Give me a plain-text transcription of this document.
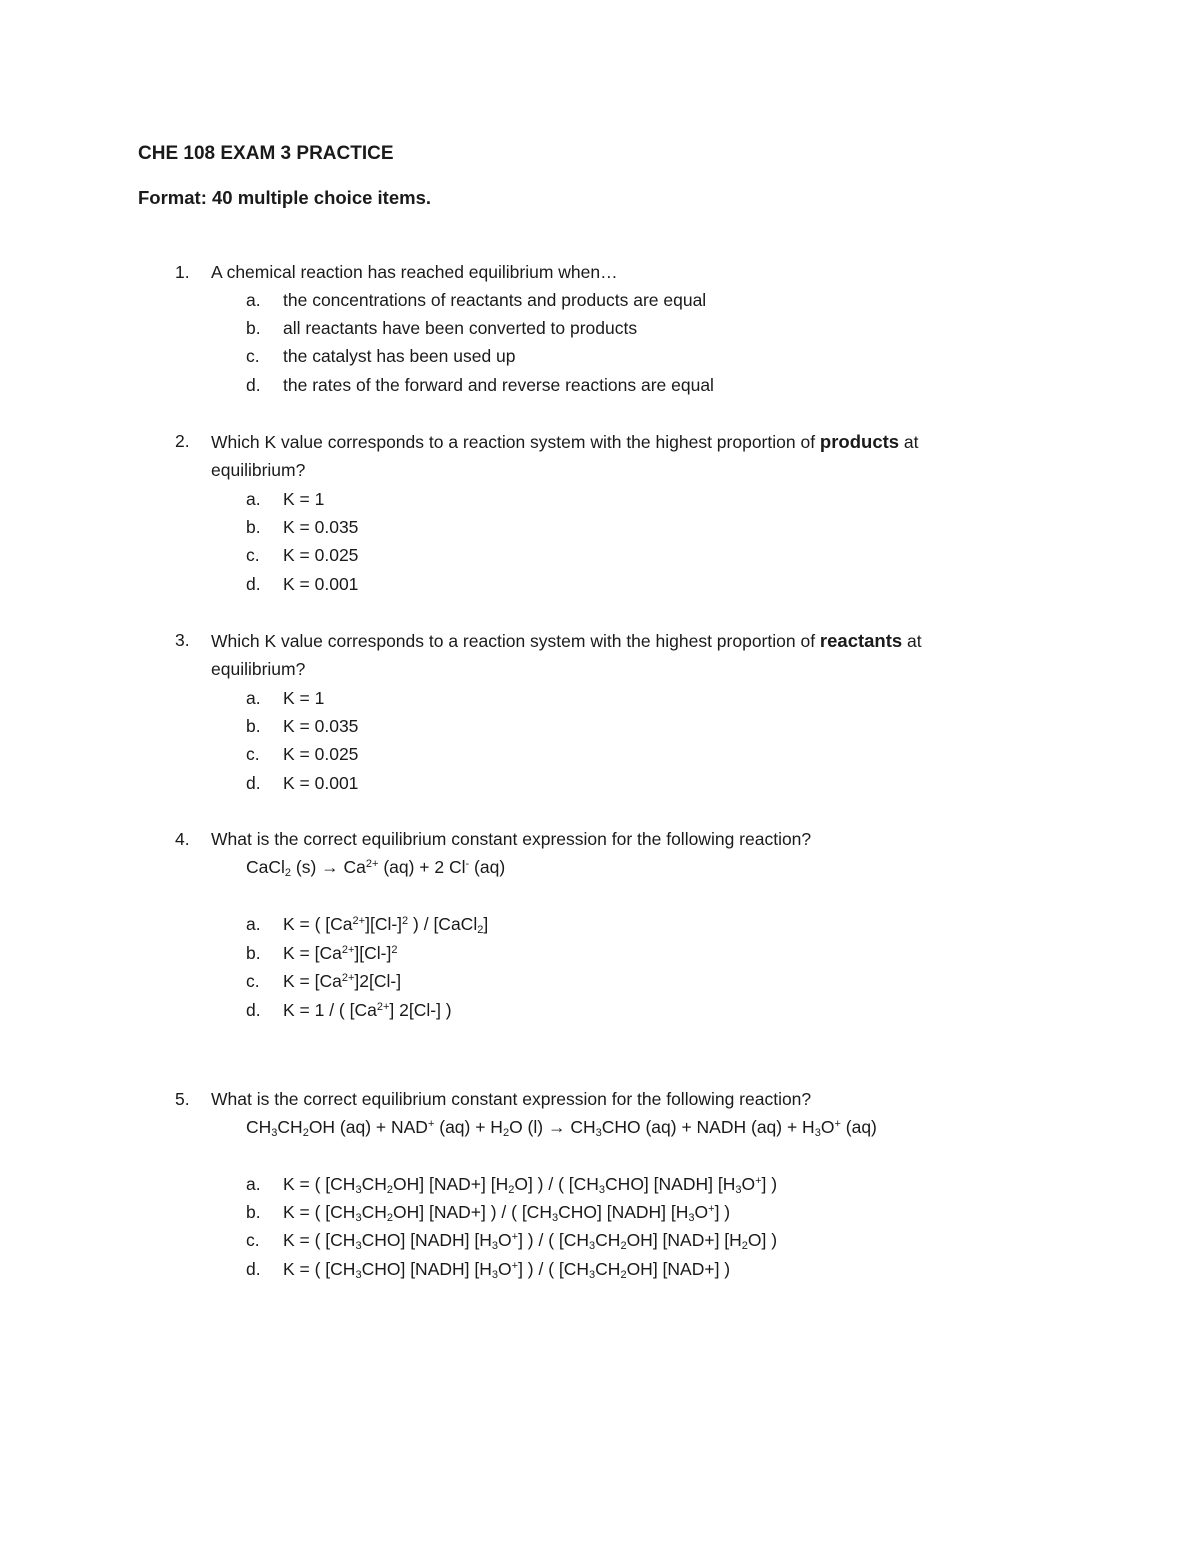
CHE 108 EXAM 3 PRACTICE
Format: 40 multiple choice items.
1.	A chemical reaction has reached equilibrium when…
a.	the concentrations of reactants and products are equal
b.	all reactants have been converted to products
c.	the catalyst has been used up
d.	the rates of the forward and reverse reactions are equal
2.	Which K value corresponds to a reaction system with the highest proportion of products at
equilibrium?
a.	K = 1
b.	K = 0.035
c.	K = 0.025
d.	K = 0.001
3.	Which K value corresponds to a reaction system with the highest proportion of reactants at
equilibrium?
a.	K = 1
b.	K = 0.035
c.	K = 0.025
d.	K = 0.001
4.	What is the correct equilibrium constant expression for the following reaction?
CaCl$_2$ $(s) \to Ca^{2+}$ (aq) + 2 Cl- (aq)
a.	K = ( $[Ca^{2+}][Cl-]^2$ ) / [CaCl$_2$]
b.	$K = [Ca^{2+}][Cl-]^2$
c.	$K = [Ca^{2+}]2[Cl-]$
d.	K = 1 / ( $[Ca^{2+}]$ 2[Cl-] )
5.	What is the correct equilibrium constant expression for the following reaction?
$CH_3CH_2OH$ (aq) + NAD+ $(aq) + H_2O$ $(l) \to CH_3CHO$ (aq) + NADH $(aq) + H_3O^+$ (aq)
a.	K = ( $[CH_3CH_2OH]$ [NAD+] $[H_2O]$ ) / ( $[CH_3CHO]$ [NADH] $[H_3O^+]$ )
b.	K = ( $[CH_3CH_2OH]$ [NAD+] ) / ( $[CH_3CHO]$ [NADH] $[H_3O^+]$ )
c.	K = ( $[CH_3CHO]$ [NADH] $[H_3O^+]$ ) / ( $[CH_3CH_2OH]$ [NAD+] $[H_2O]$ )
d.	K = ( $[CH_3CHO]$ [NADH] $[H_3O^+]$ ) / ( $[CH_3CH_2OH]$ [NAD+] )
